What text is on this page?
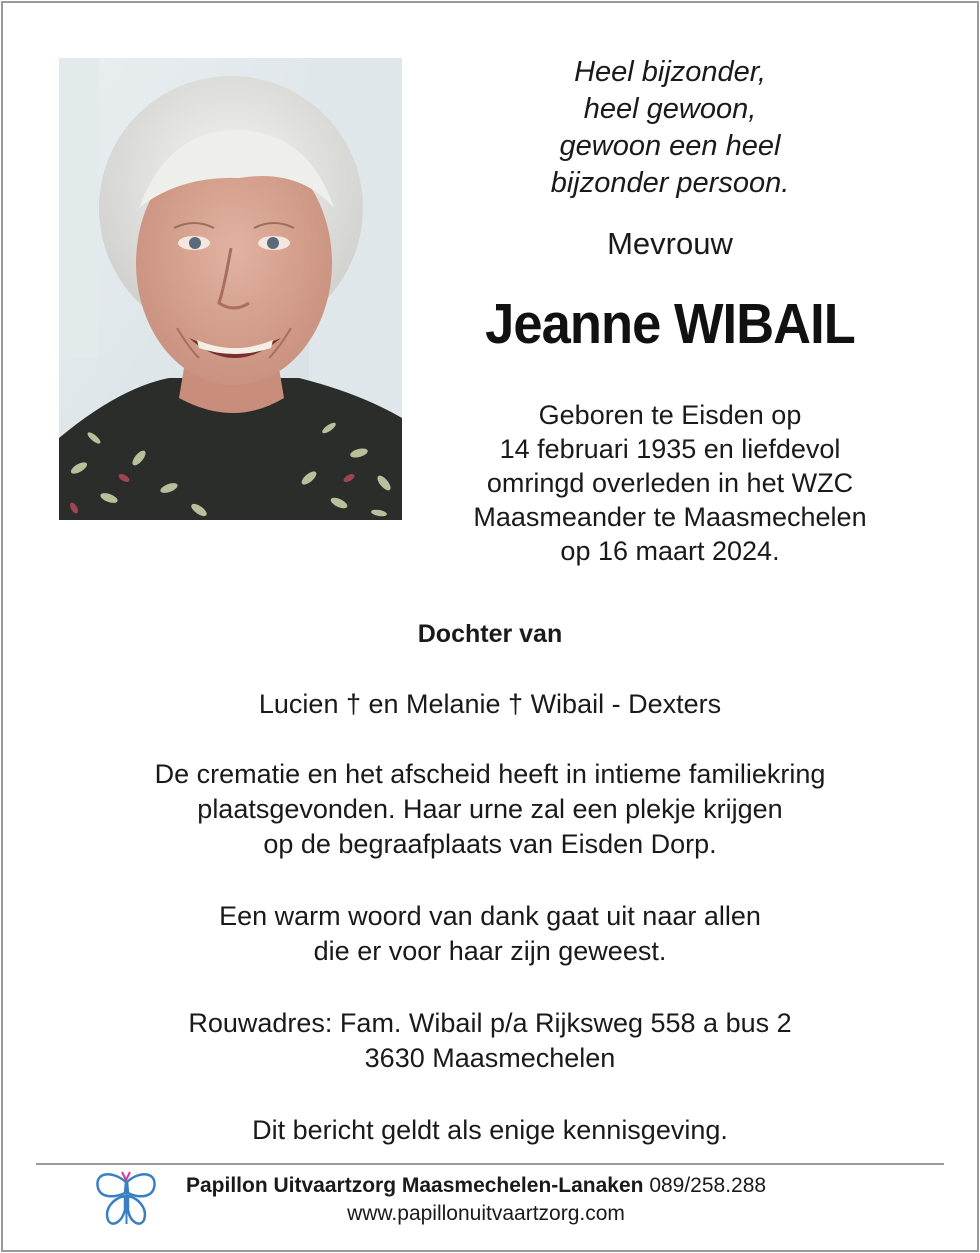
Heel bijzonder,
heel gewoon,
gewoon een heel
bijzonder persoon.
Mevrouw
Jeanne WIBAIL
Geboren te Eisden op
14 februari 1935 en liefdevol
omringd overleden in het WZC
Maasmeander te Maasmechelen
op 16 maart 2024.
Dochter van
Lucien † en Melanie † Wibail - Dexters
De crematie en het afscheid heeft in intieme familiekring
plaatsgevonden. Haar urne zal een plekje krijgen
op de begraafplaats van Eisden Dorp.
Een warm woord van dank gaat uit naar allen
die er voor haar zijn geweest.
Rouwadres: Fam. Wibail p/a Rijksweg 558 a bus 2
3630 Maasmechelen
Dit bericht geldt als enige kennisgeving.
Papillon Uitvaartzorg Maasmechelen-Lanaken 089/258.288
www.papillonuitvaartzorg.com
